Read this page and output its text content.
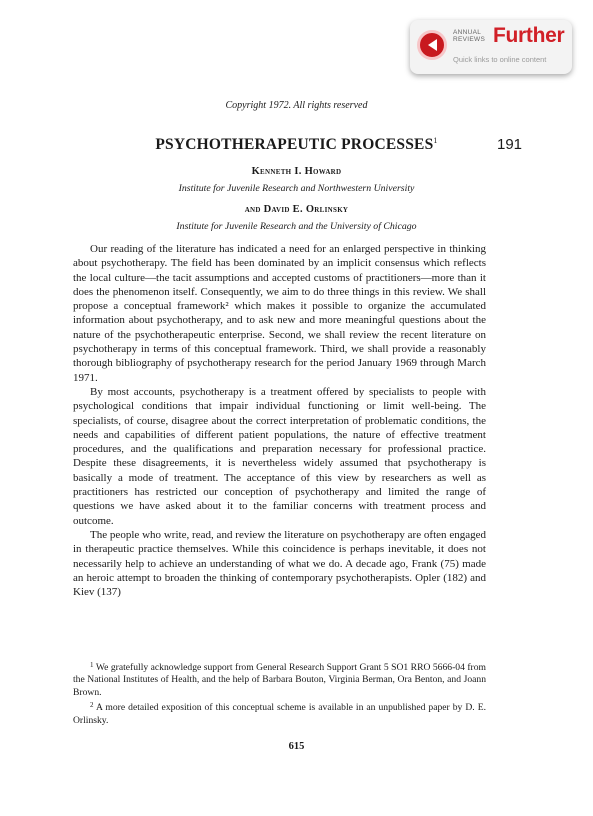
ANNUAL
REVIEWS Further
Quick links to online content
Copyright 1972. All rights reserved
PSYCHOTHERAPEUTIC PROCESSES$^1$	191
Kenneth I. Howard
Institute for Juvenile Research and Northwestern University
and David E. Orlinsky
Institute for Juvenile Research and the University of Chicago

Our reading of the literature has indicated a need for an enlarged perspective in thinking about psychotherapy. The field has been dominated by an implicit consensus which reflects the local culture—the tacit assumptions and accepted customs of practitioners—more than it does the phenomenon itself. Consequently, we aim to do three things in this review. We shall propose a conceptual framework² which makes it possible to organize the accumulated information about psychotherapy, and to ask new and more meaningful questions about the nature of the psychotherapeutic enterprise. Second, we shall review the recent literature on psychotherapy in terms of this conceptual framework. Third, we shall provide a reasonably thorough bibliography of psychotherapy research for the period January 1969 through March 1971.

By most accounts, psychotherapy is a treatment offered by specialists to people with psychological conditions that impair individual functioning or limit well-being. The specialists, of course, disagree about the correct interpretation of problematic conditions, the needs and capabilities of different patient populations, the nature of effective treatment procedures, and the qualifications and preparation necessary for professional practice. Despite these disagreements, it is nevertheless widely assumed that psychotherapy is basically a mode of treatment. The acceptance of this view by researchers as well as practitioners has restricted our conception of psychotherapy and limited the range of questions we have asked about it to the familiar concerns with treatment process and outcome.

The people who write, read, and review the literature on psychotherapy are often engaged in therapeutic practice themselves. While this coincidence is perhaps inevitable, it does not necessarily help to achieve an understanding of what we do. A decade ago, Frank (75) made an heroic attempt to broaden the thinking of contemporary psychotherapists. Opler (182) and Kiev (137)

$^1$ We gratefully acknowledge support from General Research Support Grant 5 SO1 RRO 5666-04 from the National Institutes of Health, and the help of Barbara Bouton, Virginia Berman, Ora Benton, and Joann Brown.

$^2$ A more detailed exposition of this conceptual scheme is available in an unpublished paper by D. E. Orlinsky.

615
